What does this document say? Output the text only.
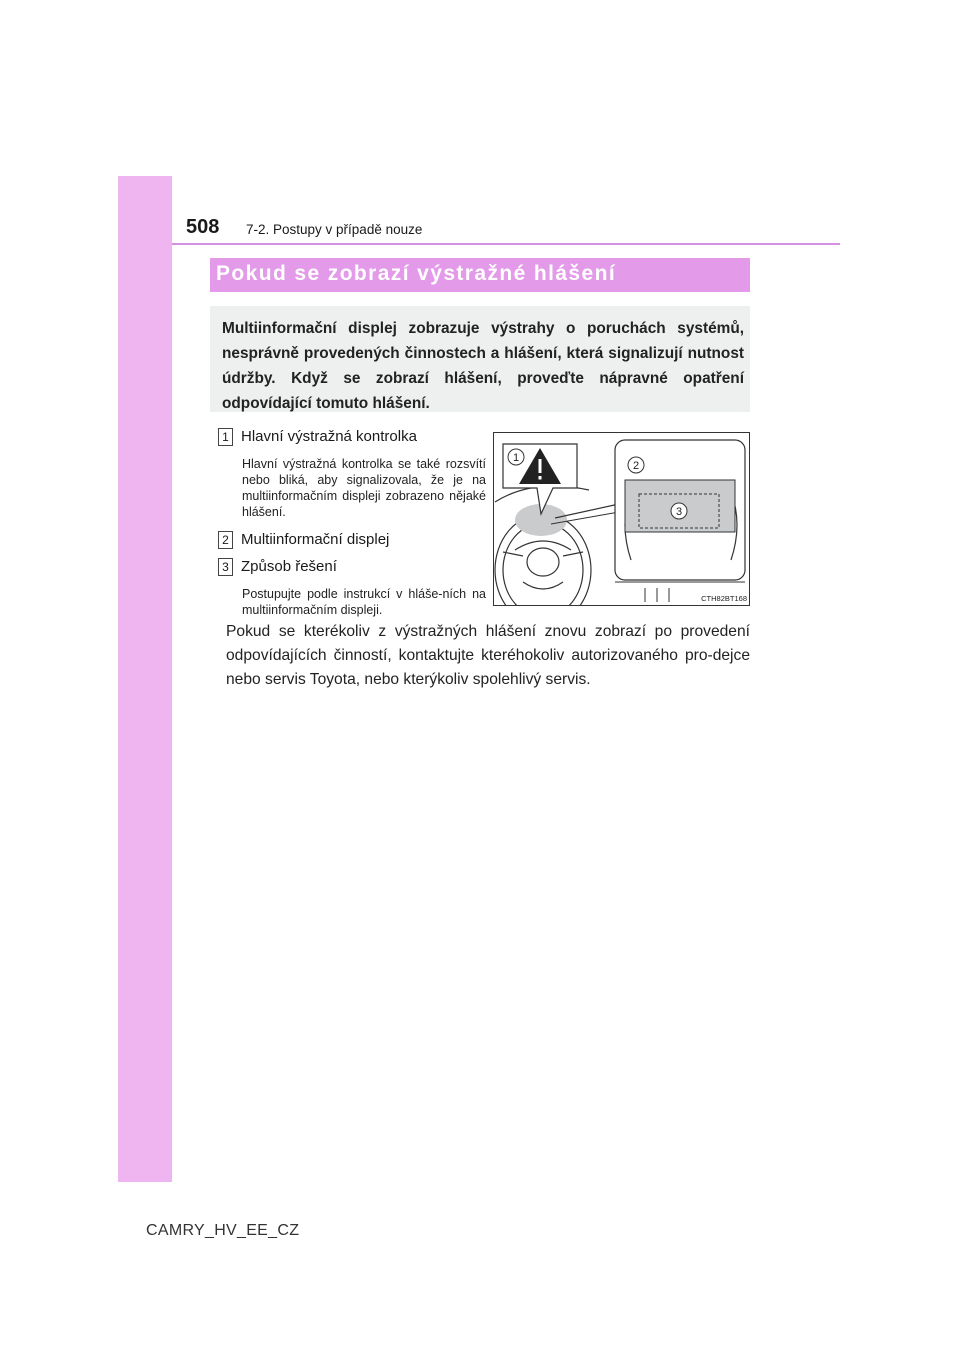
508 7-2. Postupy v případě nouze
Pokud se zobrazí výstražné hlášení

Multiinformační displej zobrazuje výstrahy o poruchách systémů, nesprávně provedených činnostech a hlášení, která signalizují nutnost údržby. Když se zobrazí hlášení, proveďte nápravné opatření odpovídající tomuto hlášení.

1 Hlavní výstražná kontrolka
Hlavní výstražná kontrolka se také rozsvítí nebo bliká, aby signalizovala, že je na multiinformačním displeji zobrazeno nějaké hlášení.
2 Multiinformační displej
3 Způsob řešení
Postupujte podle instrukcí v hláše-ních na multiinformačním displeji.
1
2
3
CTH82BT168
Pokud se kterékoliv z výstražných hlášení znovu zobrazí po provedení odpovídajících činností, kontaktujte kteréhokoliv autorizovaného pro-dejce nebo servis Toyota, nebo kterýkoliv spolehlivý servis.
CAMRY_HV_EE_CZ
